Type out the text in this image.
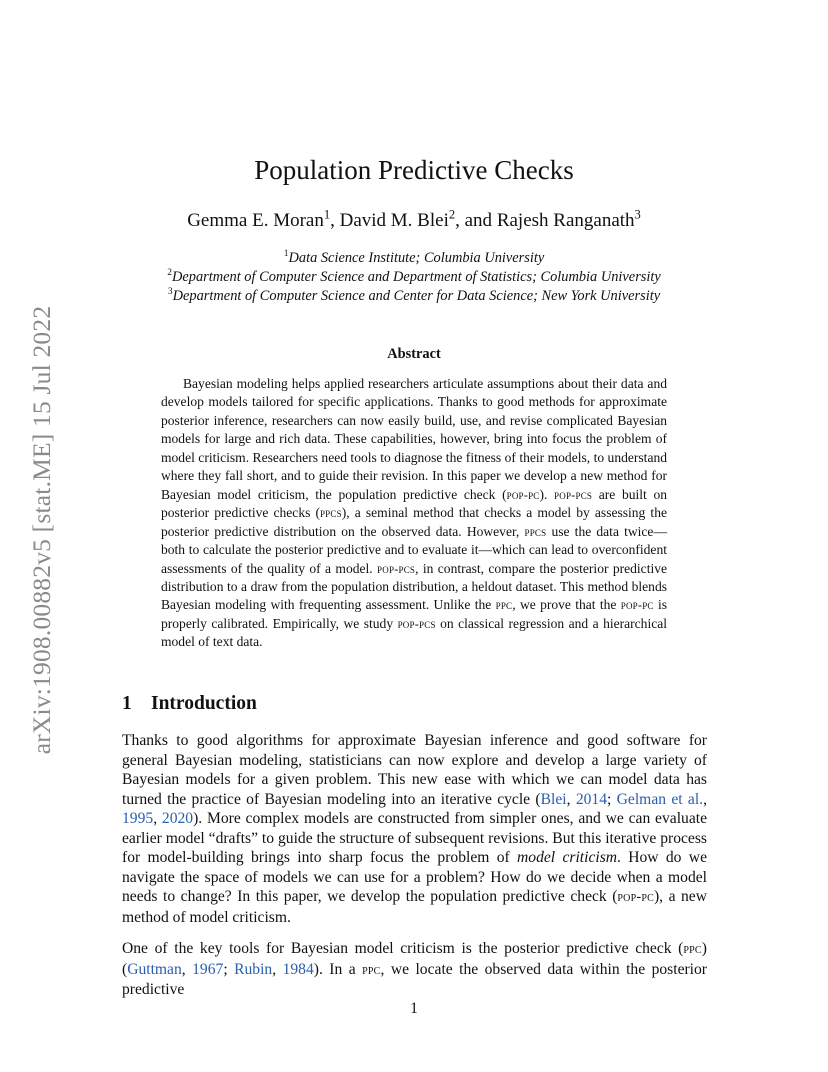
arXiv:1908.00882v5 [stat.ME] 15 Jul 2022
Population Predictive Checks
Gemma E. Moran$^1$, David M. Blei$^2$, and Rajesh Ranganath$^3$
$^1$Data Science Institute; Columbia University
$^2$Department of Computer Science and Department of Statistics; Columbia University
$^3$Department of Computer Science and Center for Data Science; New York University
Abstract
Bayesian modeling helps applied researchers articulate assumptions about their data and develop models tailored for specific applications. Thanks to good methods for approximate posterior inference, researchers can now easily build, use, and revise complicated Bayesian models for large and rich data. These capabilities, however, bring into focus the problem of model criticism. Researchers need tools to diagnose the fitness of their models, to understand where they fall short, and to guide their revision. In this paper we develop a new method for Bayesian model criticism, the population predictive check (pop-pc). pop-pcs are built on posterior predictive checks (ppcs), a seminal method that checks a model by assessing the posterior predictive distribution on the observed data. However, ppcs use the data twice—both to calculate the posterior predictive and to evaluate it—which can lead to overconfident assessments of the quality of a model. pop-pcs, in contrast, compare the posterior predictive distribution to a draw from the population distribution, a heldout dataset. This method blends Bayesian modeling with frequenting assessment. Unlike the ppc, we prove that the pop-pc is properly calibrated. Empirically, we study pop-pcs on classical regression and a hierarchical model of text data.
1 Introduction
Thanks to good algorithms for approximate Bayesian inference and good software for general Bayesian modeling, statisticians can now explore and develop a large variety of Bayesian models for a given problem. This new ease with which we can model data has turned the practice of Bayesian modeling into an iterative cycle (Blei, 2014; Gelman et al., 1995, 2020). More complex models are constructed from simpler ones, and we can evaluate earlier model “drafts” to guide the structure of subsequent revisions. But this iterative process for model-building brings into sharp focus the problem of model criticism. How do we navigate the space of models we can use for a problem? How do we decide when a model needs to change? In this paper, we develop the population predictive check (pop-pc), a new method of model criticism.
One of the key tools for Bayesian model criticism is the posterior predictive check (ppc) (Guttman, 1967; Rubin, 1984). In a ppc, we locate the observed data within the posterior predictive
1
